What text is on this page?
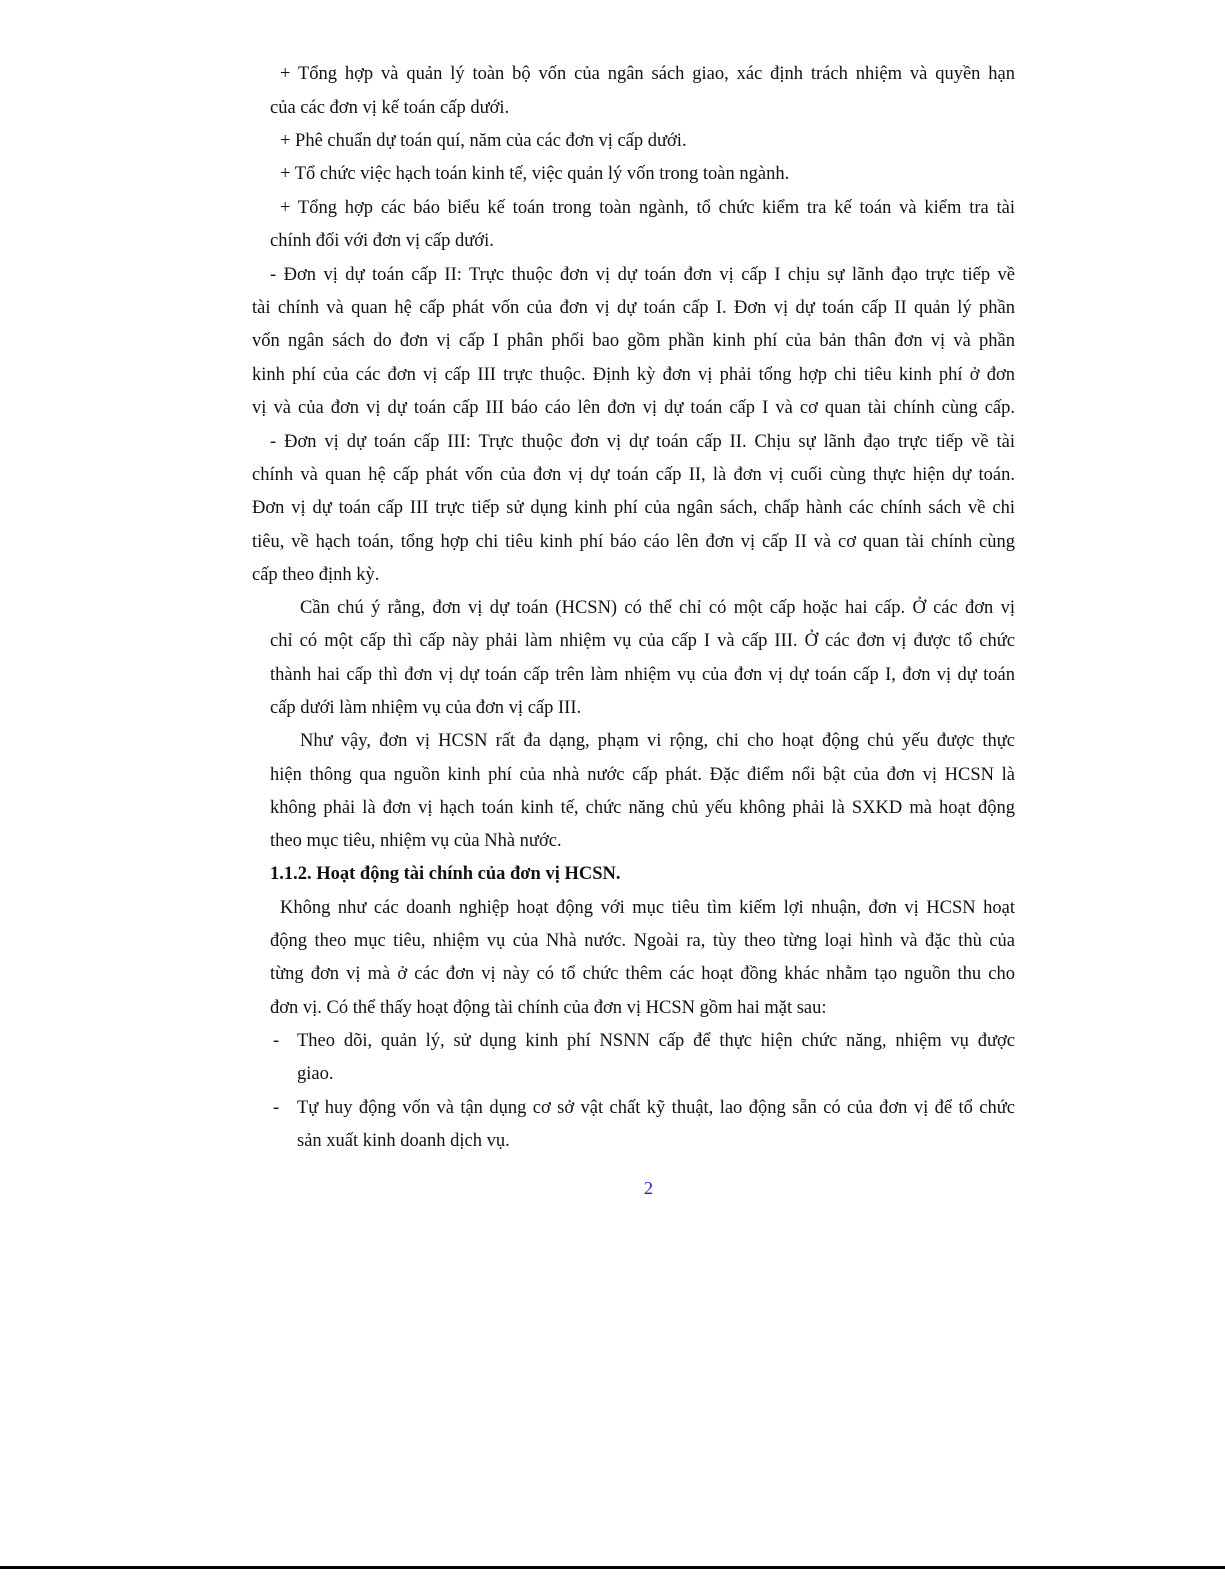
+ Tổng hợp và quản lý toàn bộ vốn của ngân sách giao, xác định trách nhiệm và quyền hạn
của các đơn vị kế toán cấp dưới.
+ Phê chuẩn dự toán quí, năm của các đơn vị cấp dưới.
+ Tổ chức việc hạch toán kinh tế, việc quản lý vốn trong toàn ngành.
+ Tổng hợp các báo biểu kế toán trong toàn ngành, tổ chức kiểm tra kế toán và kiểm tra tài
chính đối với đơn vị cấp dưới.
- Đơn vị dự toán cấp II: Trực thuộc đơn vị dự toán đơn vị cấp I chịu sự lãnh đạo trực tiếp về
tài chính và quan hệ cấp phát vốn của đơn vị dự toán cấp I. Đơn vị dự toán cấp II quản lý phần
vốn ngân sách do đơn vị cấp I phân phối bao gồm phần kinh phí của bản thân đơn vị và phần
kinh phí của các đơn vị cấp III trực thuộc. Định kỳ đơn vị phải tổng hợp chi tiêu kinh phí ở đơn
vị và của đơn vị dự toán cấp III báo cáo lên đơn vị dự toán cấp I và cơ quan tài chính cùng cấp.
- Đơn vị dự toán cấp III: Trực thuộc đơn vị dự toán cấp II. Chịu sự lãnh đạo trực tiếp về tài
chính và quan hệ cấp phát vốn của đơn vị dự toán cấp II, là đơn vị cuối cùng thực hiện dự toán.
Đơn vị dự toán cấp III trực tiếp sử dụng kinh phí của ngân sách, chấp hành các chính sách về chi
tiêu, về hạch toán, tổng hợp chi tiêu kinh phí báo cáo lên đơn vị cấp II và cơ quan tài chính cùng
cấp theo định kỳ.
Cần chú ý rằng, đơn vị dự toán (HCSN) có thể chỉ có một cấp hoặc hai cấp. Ở các đơn vị
chỉ có một cấp thì cấp này phải làm nhiệm vụ của cấp I và cấp III. Ở các đơn vị được tổ chức
thành hai cấp thì đơn vị dự toán cấp trên làm nhiệm vụ của đơn vị dự toán cấp I, đơn vị dự toán
cấp dưới làm nhiệm vụ của đơn vị cấp III.
Như vậy, đơn vị HCSN rất đa dạng, phạm vi rộng, chi cho hoạt động chủ yếu được thực
hiện thông qua nguồn kinh phí của nhà nước cấp phát. Đặc điểm nổi bật của đơn vị HCSN là
không phải là đơn vị hạch toán kinh tế, chức năng chủ yếu không phải là SXKD mà hoạt động
theo mục tiêu, nhiệm vụ của Nhà nước.
1.1.2. Hoạt động tài chính của đơn vị HCSN.
Không như các doanh nghiệp hoạt động với mục tiêu tìm kiếm lợi nhuận, đơn vị HCSN hoạt
động theo mục tiêu, nhiệm vụ của Nhà nước. Ngoài ra, tùy theo từng loại hình và đặc thù của
từng đơn vị mà ở các đơn vị này có tổ chức thêm các hoạt đồng khác nhằm tạo nguồn thu cho
đơn vị. Có thể thấy hoạt động tài chính của đơn vị HCSN gồm hai mặt sau:
- Theo dõi, quản lý, sử dụng kinh phí NSNN cấp để thực hiện chức năng, nhiệm vụ được
giao.
- Tự huy động vốn và tận dụng cơ sở vật chất kỹ thuật, lao động sẵn có của đơn vị để tổ chức
sản xuất kinh doanh dịch vụ.
2
